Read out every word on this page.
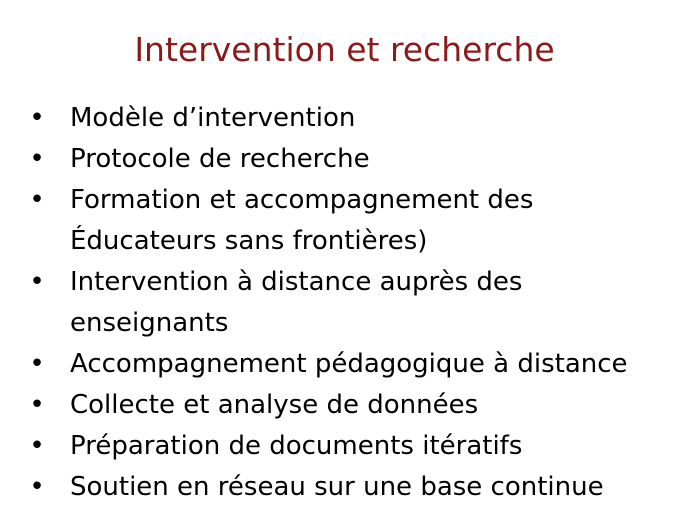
Intervention et recherche
• Modèle d’intervention
• Protocole de recherche
• Formation et accompagnement des
Éducateurs sans frontières)
• Intervention à distance auprès des
enseignants
• Accompagnement pédagogique à distance
• Collecte et analyse de données
• Préparation de documents itératifs
• Soutien en réseau sur une base continue
